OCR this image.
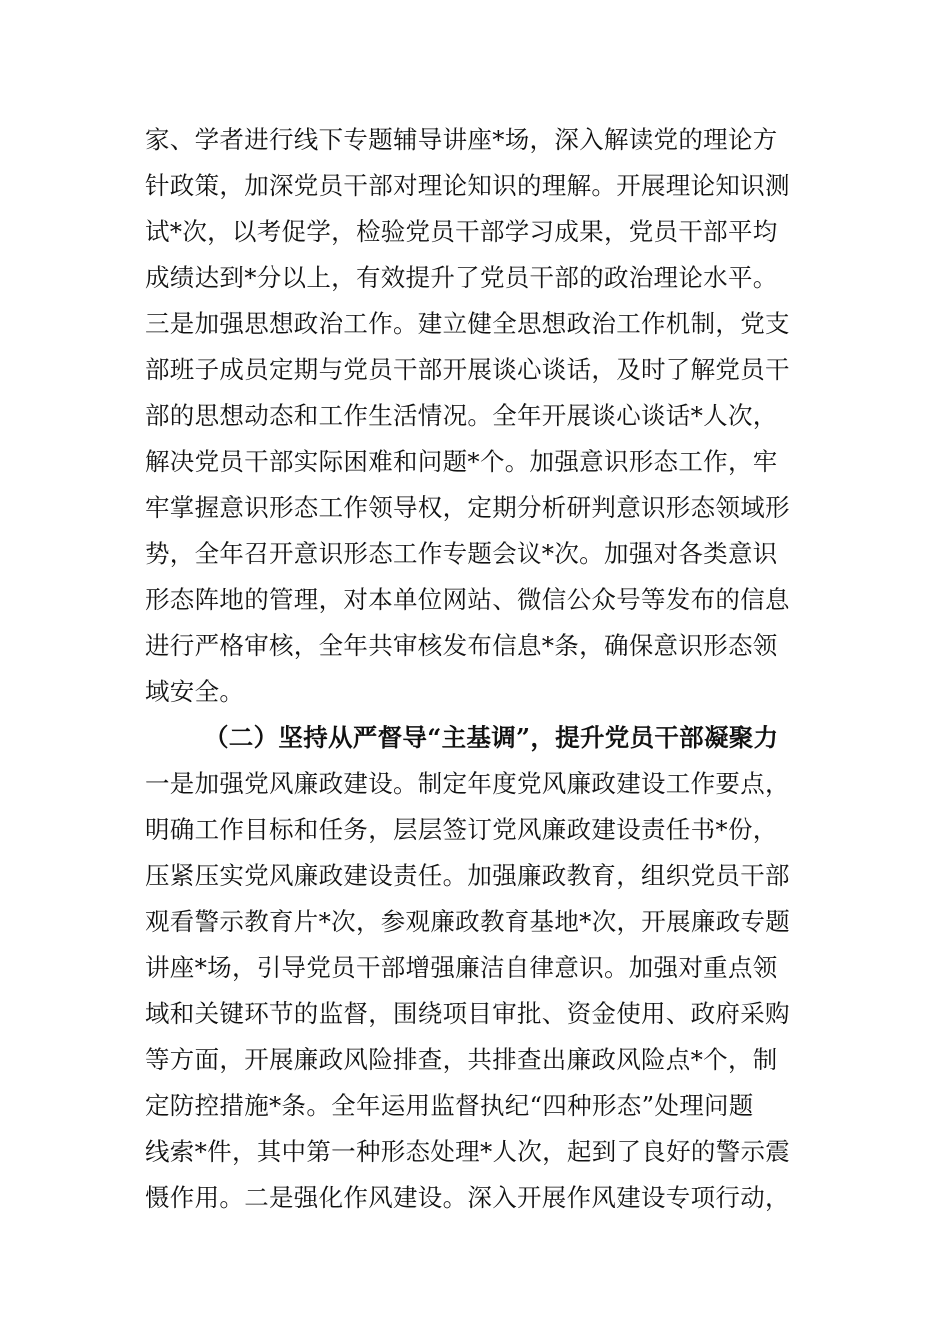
家、学者进行线下专题辅导讲座*场，深入解读党的理论方
针政策，加深党员干部对理论知识的理解。开展理论知识测
试*次，以考促学，检验党员干部学习成果，党员干部平均
成绩达到*分以上，有效提升了党员干部的政治理论水平。
三是加强思想政治工作。建立健全思想政治工作机制，党支
部班子成员定期与党员干部开展谈心谈话，及时了解党员干
部的思想动态和工作生活情况。全年开展谈心谈话*人次，
解决党员干部实际困难和问题*个。加强意识形态工作，牢
牢掌握意识形态工作领导权，定期分析研判意识形态领域形
势，全年召开意识形态工作专题会议*次。加强对各类意识
形态阵地的管理，对本单位网站、微信公众号等发布的信息
进行严格审核，全年共审核发布信息*条，确保意识形态领
域安全。
（二）坚持从严督导“主基调”，提升党员干部凝聚力
一是加强党风廉政建设。制定年度党风廉政建设工作要点，
明确工作目标和任务，层层签订党风廉政建设责任书*份，
压紧压实党风廉政建设责任。加强廉政教育，组织党员干部
观看警示教育片*次，参观廉政教育基地*次，开展廉政专题
讲座*场，引导党员干部增强廉洁自律意识。加强对重点领
域和关键环节的监督，围绕项目审批、资金使用、政府采购
等方面，开展廉政风险排查，共排查出廉政风险点*个，制
定防控措施*条。全年运用监督执纪“四种形态”处理问题
线索*件，其中第一种形态处理*人次，起到了良好的警示震
慑作用。二是强化作风建设。深入开展作风建设专项行动，
